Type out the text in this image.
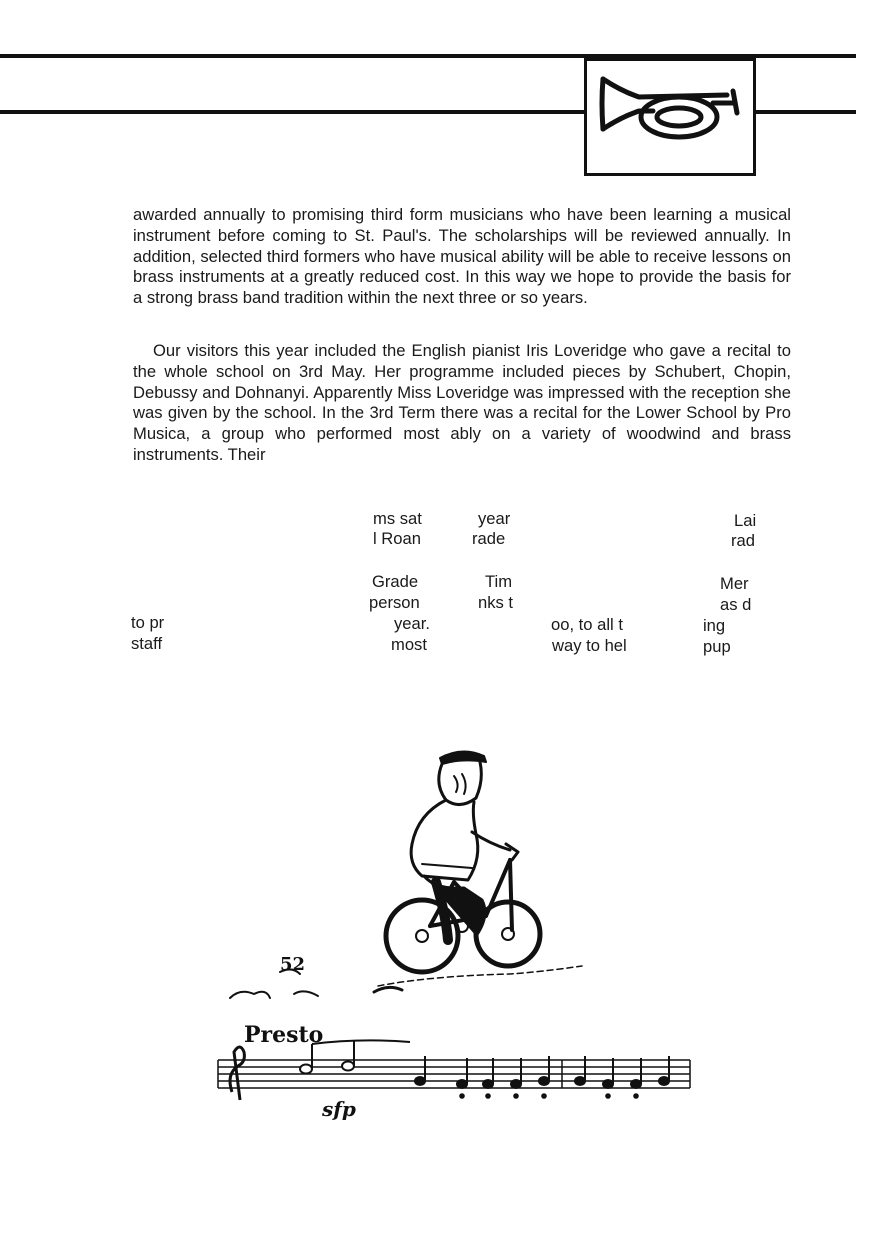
awarded annually to promising third form musicians who have been learning a musical instrument before coming to St. Paul's. The scholarships will be reviewed annually. In addition, selected third formers who have musical ability will be able to receive lessons on brass instruments at a greatly reduced cost. In this way we hope to provide the basis for a strong brass band tradition within the next three or so years.

Our visitors this year included the English pianist Iris Loveridge who gave a recital to the whole school on 3rd May. Her programme included pieces by Schubert, Chopin, Debussy and Dohnanyi. Apparently Miss Loveridge was impressed with the reception she was given by the school. In the 3rd Term there was a recital for the Lower School by Pro Musica, a group who performed most ably on a variety of woodwind and brass instruments. Their

ms sat	year	Lai
l Roan	rade	rad
Grade	Tim	Mer
person	nks t	as d
to pr	year.	oo, to all t	ing
staff	most	way to hel	pup
52
Presto
sfp
